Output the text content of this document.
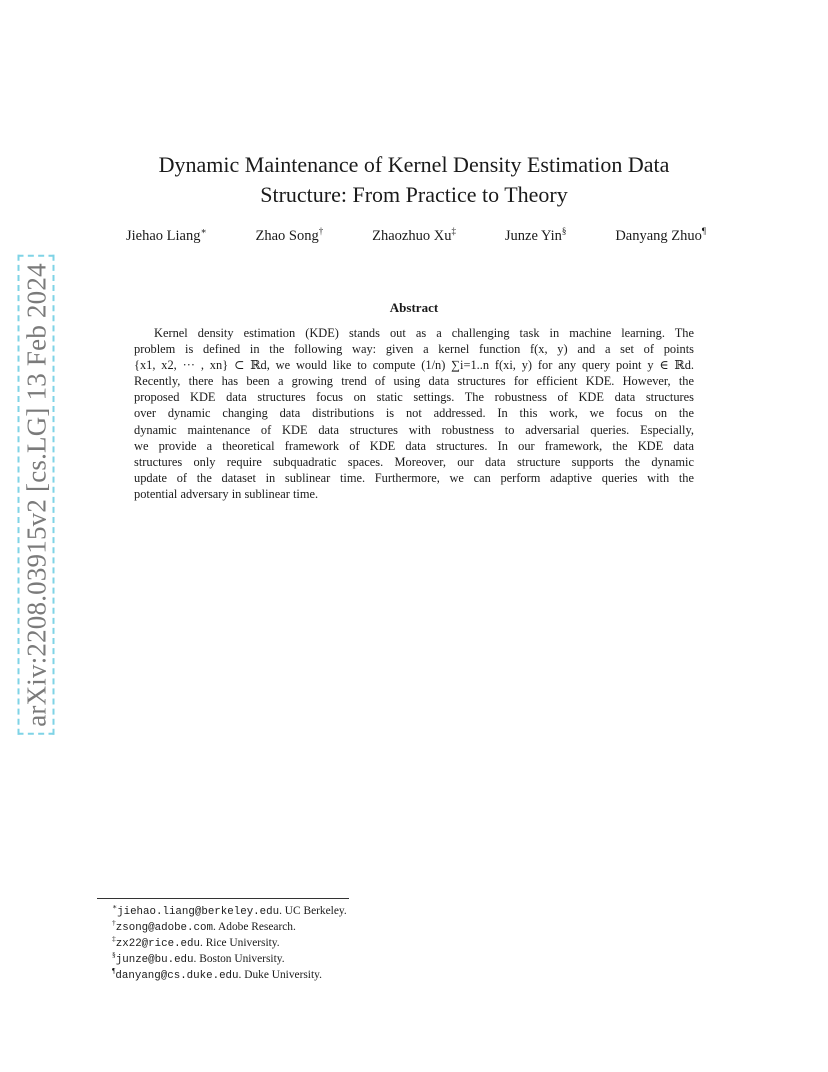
arXiv:2208.03915v2 [cs.LG] 13 Feb 2024
Dynamic Maintenance of Kernel Density Estimation Data
Structure: From Practice to Theory
Jiehao Liang∗	Zhao Song†	Zhaozhuo Xu‡	Junze Yin§	Danyang Zhuo¶
Abstract
Kernel density estimation (KDE) stands out as a challenging task in machine learning. The
problem is defined in the following way: given a kernel function f(x, y) and a set of points
{x1, x2, ··· , xn} ⊂ ℝd, we would like to compute (1/n) ∑i=1..n f(xi, y) for any query point y ∈ ℝd.
Recently, there has been a growing trend of using data structures for efficient KDE. However, the
proposed KDE data structures focus on static settings. The robustness of KDE data structures
over dynamic changing data distributions is not addressed. In this work, we focus on the
dynamic maintenance of KDE data structures with robustness to adversarial queries. Especially,
we provide a theoretical framework of KDE data structures. In our framework, the KDE data
structures only require subquadratic spaces. Moreover, our data structure supports the dynamic
update of the dataset in sublinear time. Furthermore, we can perform adaptive queries with the
potential adversary in sublinear time.
∗jiehao.liang@berkeley.edu. UC Berkeley.
†zsong@adobe.com. Adobe Research.
‡zx22@rice.edu. Rice University.
§junze@bu.edu. Boston University.
¶danyang@cs.duke.edu. Duke University.
